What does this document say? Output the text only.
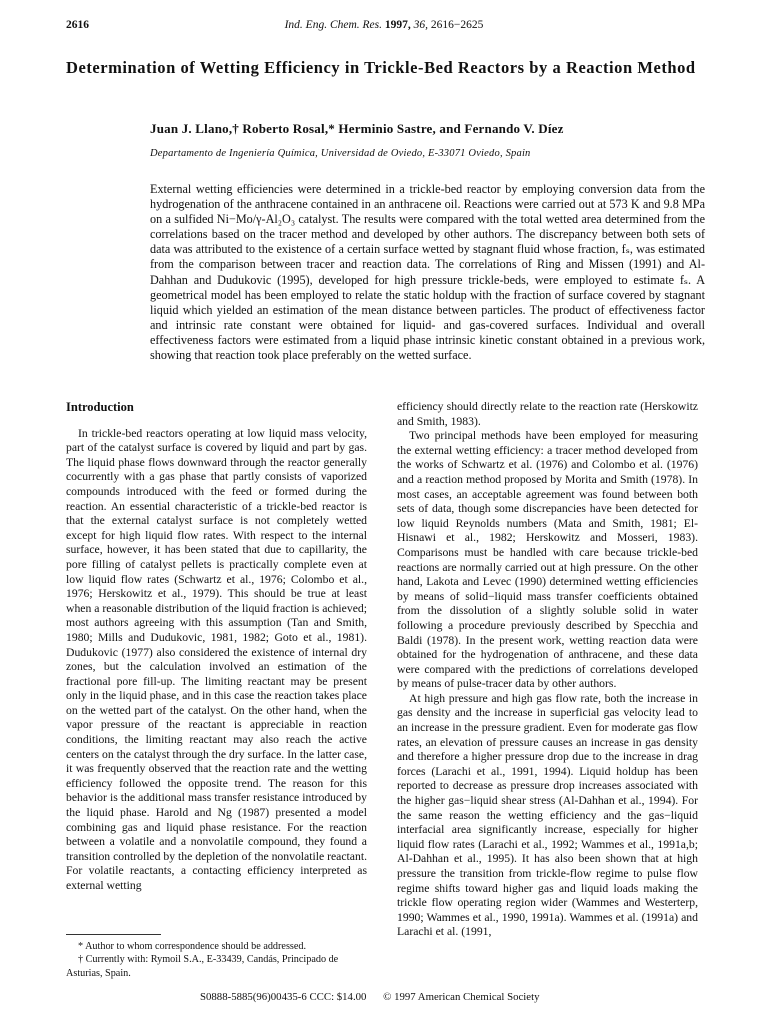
2616	Ind. Eng. Chem. Res. 1997, 36, 2616−2625
Determination of Wetting Efficiency in Trickle-Bed Reactors by a Reaction Method
Juan J. Llano,† Roberto Rosal,* Herminio Sastre, and Fernando V. Díez
Departamento de Ingeniería Química, Universidad de Oviedo, E-33071 Oviedo, Spain
External wetting efficiencies were determined in a trickle-bed reactor by employing conversion data from the hydrogenation of the anthracene contained in an anthracene oil. Reactions were carried out at 573 K and 9.8 MPa on a sulfided Ni−Mo/γ-Al₂O₃ catalyst. The results were compared with the total wetted area determined from the correlations based on the tracer method and developed by other authors. The discrepancy between both sets of data was attributed to the existence of a certain surface wetted by stagnant fluid whose fraction, fₛ, was estimated from the comparison between tracer and reaction data. The correlations of Ring and Missen (1991) and Al-Dahhan and Dudukovic (1995), developed for high pressure trickle-beds, were employed to estimate fₛ. A geometrical model has been employed to relate the static holdup with the fraction of surface covered by stagnant liquid which yielded an estimation of the mean distance between particles. The product of effectiveness factor and intrinsic rate constant were obtained for liquid- and gas-covered surfaces. Individual and overall effectiveness factors were estimated from a liquid phase intrinsic kinetic constant obtained in a previous work, showing that reaction took place preferably on the wetted surface.
Introduction

In trickle-bed reactors operating at low liquid mass velocity, part of the catalyst surface is covered by liquid and part by gas. The liquid phase flows downward through the reactor generally cocurrently with a gas phase that partly consists of vaporized compounds introduced with the feed or formed during the reaction. An essential characteristic of a trickle-bed reactor is that the external catalyst surface is not completely wetted except for high liquid flow rates. With respect to the internal surface, however, it has been stated that due to capillarity, the pore filling of catalyst pellets is practically complete even at low liquid flow rates (Schwartz et al., 1976; Colombo et al., 1976; Herskowitz et al., 1979). This should be true at least when a reasonable distribution of the liquid fraction is achieved; most authors agreeing with this assumption (Tan and Smith, 1980; Mills and Dudukovic, 1981, 1982; Goto et al., 1981). Dudukovic (1977) also considered the existence of internal dry zones, but the calculation involved an estimation of the fractional pore fill-up. The limiting reactant may be present only in the liquid phase, and in this case the reaction takes place on the wetted part of the catalyst. On the other hand, when the vapor pressure of the reactant is appreciable in reaction conditions, the limiting reactant may also reach the active centers on the catalyst through the dry surface. In the latter case, it was frequently observed that the reaction rate and the wetting efficiency followed the opposite trend. The reason for this behavior is the additional mass transfer resistance introduced by the liquid phase. Harold and Ng (1987) presented a model combining gas and liquid phase resistance. For the reaction between a volatile and a nonvolatile compound, they found a transition controlled by the depletion of the nonvolatile reactant. For volatile reactants, a contacting efficiency interpreted as external wetting

efficiency should directly relate to the reaction rate (Herskowitz and Smith, 1983).

Two principal methods have been employed for measuring the external wetting efficiency: a tracer method developed from the works of Schwartz et al. (1976) and Colombo et al. (1976) and a reaction method proposed by Morita and Smith (1978). In most cases, an acceptable agreement was found between both sets of data, though some discrepancies have been detected for low liquid Reynolds numbers (Mata and Smith, 1981; El-Hisnawi et al., 1982; Herskowitz and Mosseri, 1983). Comparisons must be handled with care because trickle-bed reactions are normally carried out at high pressure. On the other hand, Lakota and Levec (1990) determined wetting efficiencies by means of solid−liquid mass transfer coefficients obtained from the dissolution of a slightly soluble solid in water following a procedure previously described by Specchia and Baldi (1978). In the present work, wetting reaction data were obtained for the hydrogenation of anthracene, and these data were compared with the predictions of correlations developed by means of pulse-tracer data by other authors.

At high pressure and high gas flow rate, both the increase in gas density and the increase in superficial gas velocity lead to an increase in the pressure gradient. Even for moderate gas flow rates, an elevation of pressure causes an increase in gas density and therefore a higher pressure drop due to the increase in drag forces (Larachi et al., 1991, 1994). Liquid holdup has been reported to decrease as pressure drop increases associated with the higher gas−liquid shear stress (Al-Dahhan et al., 1994). For the same reason the wetting efficiency and the gas−liquid interfacial area significantly increase, especially for higher liquid flow rates (Larachi et al., 1992; Wammes et al., 1991a,b; Al-Dahhan et al., 1995). It has also been shown that at high pressure the transition from trickle-flow regime to pulse flow regime shifts toward higher gas and liquid loads making the trickle flow operating region wider (Wammes and Westerterp, 1990; Wammes et al., 1990, 1991a). Wammes et al. (1991a) and Larachi et al. (1991,

* Author to whom correspondence should be addressed.

† Currently with: Rymoil S.A., E-33439, Candás, Principado de Asturias, Spain.

S0888-5885(96)00435-6 CCC: $14.00 © 1997 American Chemical Society
